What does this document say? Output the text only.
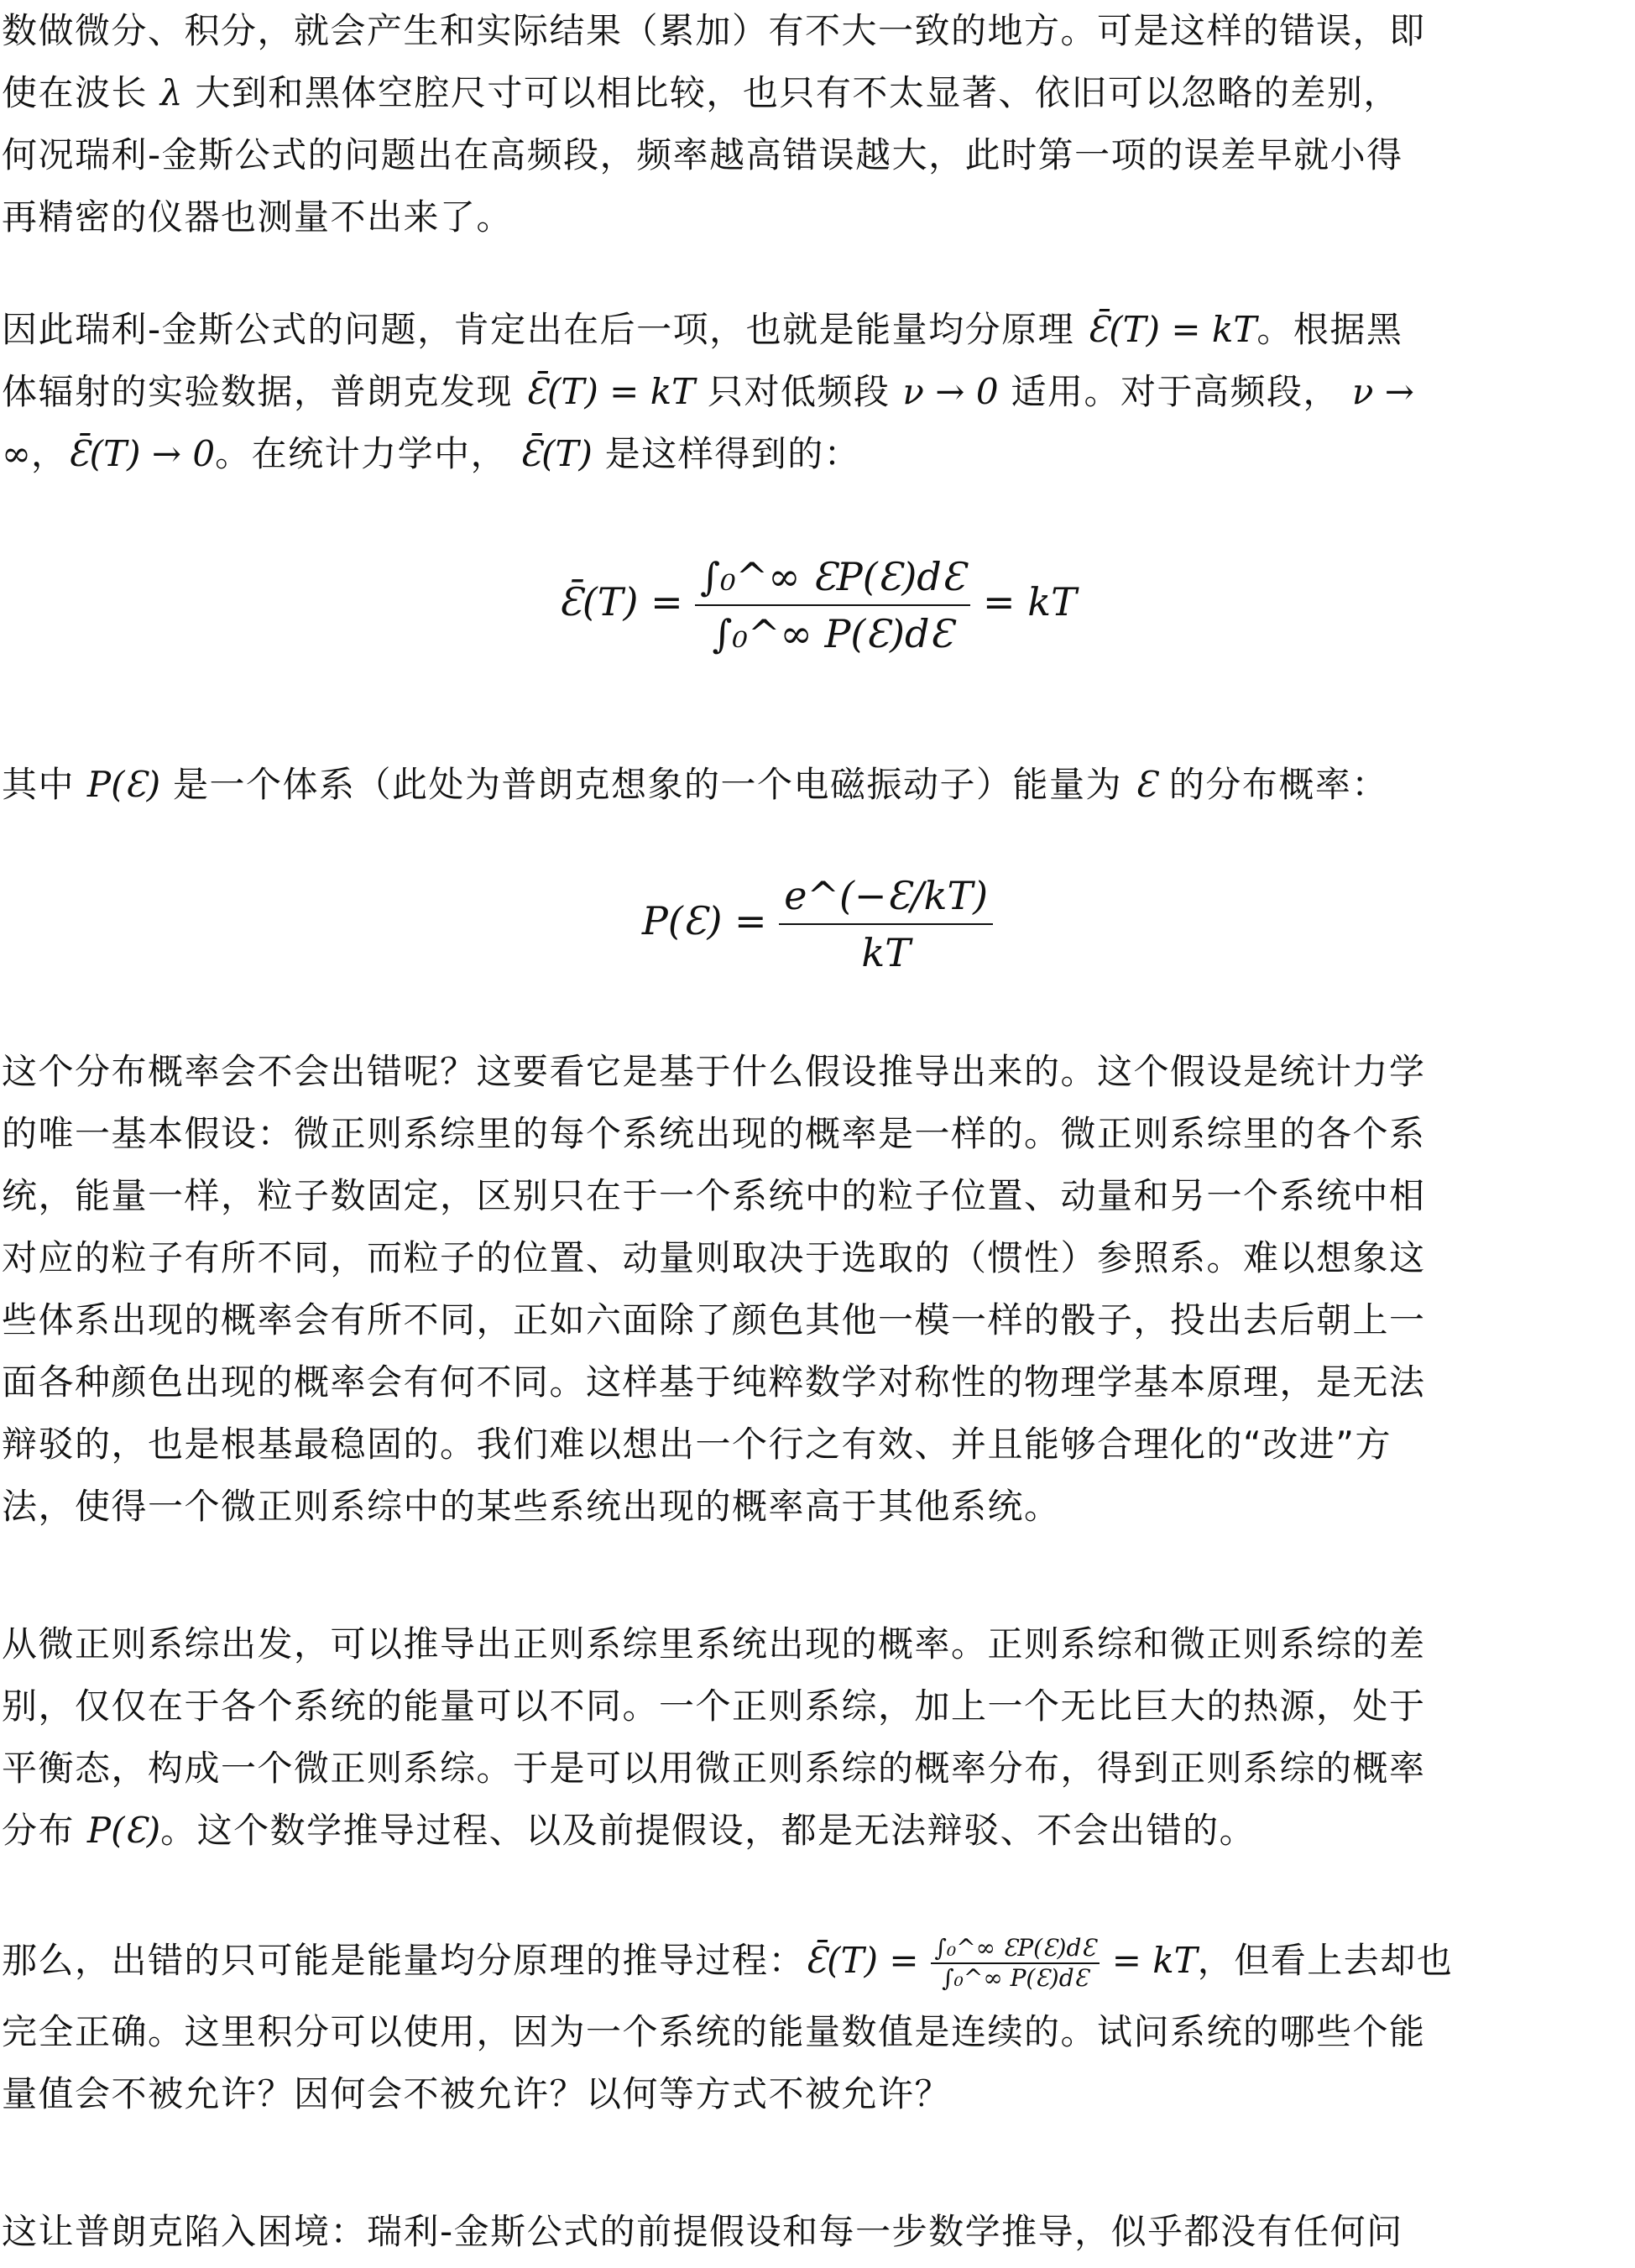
数做微分、积分，就会产生和实际结果（累加）有不大一致的地方。可是这样的错误，即
使在波长 λ 大到和黑体空腔尺寸可以相比较，也只有不太显著、依旧可以忽略的差别，
何况瑞利-金斯公式的问题出在高频段，频率越高错误越大，此时第一项的误差早就小得
再精密的仪器也测量不出来了。
因此瑞利-金斯公式的问题，肯定出在后一项，也就是能量均分原理 Ɛ̄(T) = kT。根据黑
体辐射的实验数据，普朗克发现 Ɛ̄(T) = kT 只对低频段 ν → 0 适用。对于高频段， ν →
∞，Ɛ̄(T) → 0。在统计力学中， Ɛ̄(T) 是这样得到的：
Ɛ̄(T) = $\frac{\text{∫₀\textasciicircum{}∞ ƐP(Ɛ)dƐ}}{\text{∫₀\textasciicircum{}∞ P(Ɛ)dƐ}}$ = kT
其中 P(Ɛ) 是一个体系（此处为普朗克想象的一个电磁振动子）能量为 Ɛ 的分布概率：
P(Ɛ) = $\frac{e\^{}(-Ɛ/kT)}{kT}$
这个分布概率会不会出错呢？这要看它是基于什么假设推导出来的。这个假设是统计力学
的唯一基本假设：微正则系综里的每个系统出现的概率是一样的。微正则系综里的各个系
统，能量一样，粒子数固定，区别只在于一个系统中的粒子位置、动量和另一个系统中相
对应的粒子有所不同，而粒子的位置、动量则取决于选取的（惯性）参照系。难以想象这
些体系出现的概率会有所不同，正如六面除了颜色其他一模一样的骰子，投出去后朝上一
面各种颜色出现的概率会有何不同。这样基于纯粹数学对称性的物理学基本原理，是无法
辩驳的，也是根基最稳固的。我们难以想出一个行之有效、并且能够合理化的“改进”方
法，使得一个微正则系综中的某些系统出现的概率高于其他系统。
从微正则系综出发，可以推导出正则系综里系统出现的概率。正则系综和微正则系综的差
别，仅仅在于各个系统的能量可以不同。一个正则系综，加上一个无比巨大的热源，处于
平衡态，构成一个微正则系综。于是可以用微正则系综的概率分布，得到正则系综的概率
分布 P(Ɛ)。这个数学推导过程、以及前提假设，都是无法辩驳、不会出错的。
那么，出错的只可能是能量均分原理的推导过程：Ɛ̄(T) = $\frac{\text{∫₀\textasciicircum{}∞ ƐP(Ɛ)dƐ}}{\text{∫₀\textasciicircum{}∞ P(Ɛ)dƐ}}$ = kT，但看上去却也
完全正确。这里积分可以使用，因为一个系统的能量数值是连续的。试问系统的哪些个能
量值会不被允许？因何会不被允许？以何等方式不被允许？
这让普朗克陷入困境：瑞利-金斯公式的前提假设和每一步数学推导，似乎都没有任何问
